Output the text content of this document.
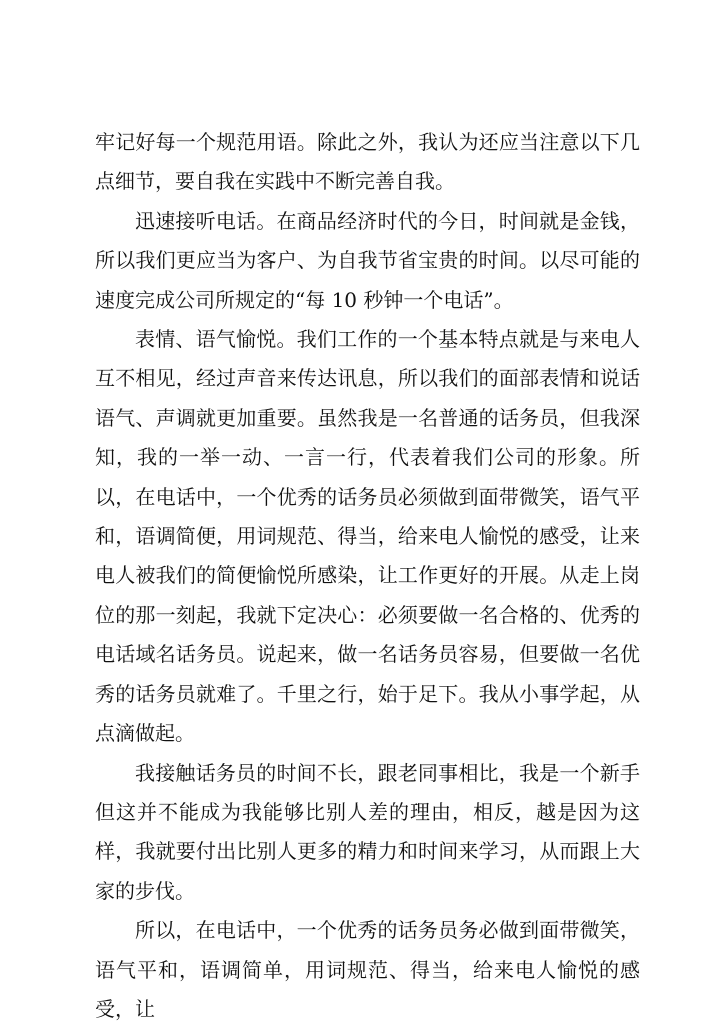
牢记好每一个规范用语。除此之外，我认为还应当注意以下几点细节，要自我在实践中不断完善自我。

迅速接听电话。在商品经济时代的今日，时间就是金钱，所以我们更应当为客户、为自我节省宝贵的时间。以尽可能的速度完成公司所规定的“每 10 秒钟一个电话”。

表情、语气愉悦。我们工作的一个基本特点就是与来电人互不相见，经过声音来传达讯息，所以我们的面部表情和说话语气、声调就更加重要。虽然我是一名普通的话务员，但我深知，我的一举一动、一言一行，代表着我们公司的形象。所以，在电话中，一个优秀的话务员必须做到面带微笑，语气平和，语调简便，用词规范、得当，给来电人愉悦的感受，让来电人被我们的简便愉悦所感染，让工作更好的开展。从走上岗位的那一刻起，我就下定决心：必须要做一名合格的、优秀的电话域名话务员。说起来，做一名话务员容易，但要做一名优秀的话务员就难了。千里之行，始于足下。我从小事学起，从点滴做起。

我接触话务员的时间不长，跟老同事相比，我是一个新手但这并不能成为我能够比别人差的理由，相反，越是因为这样，我就要付出比别人更多的精力和时间来学习，从而跟上大家的步伐。

所以，在电话中，一个优秀的话务员务必做到面带微笑，语气平和，语调简单，用词规范、得当，给来电人愉悦的感受，让
